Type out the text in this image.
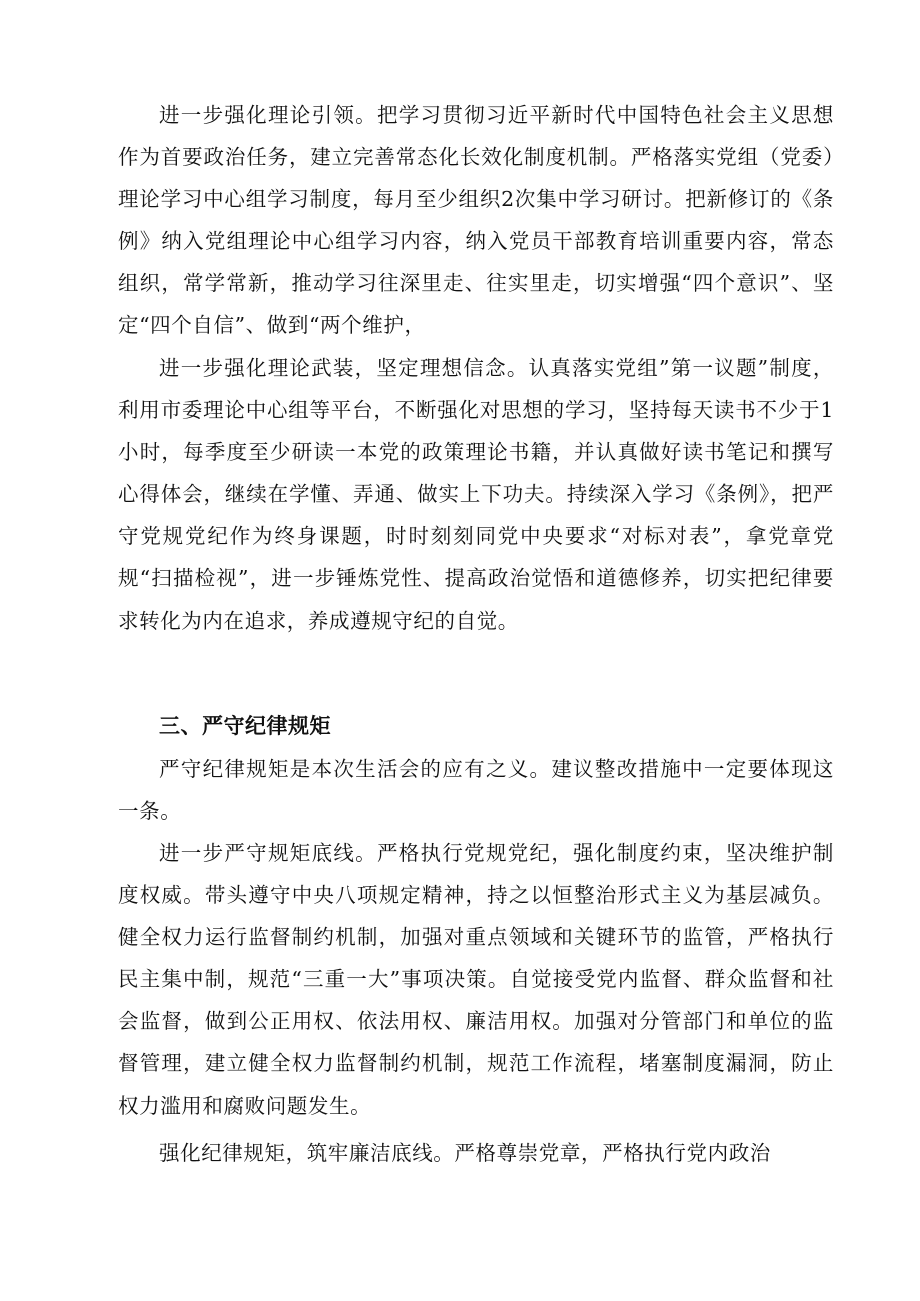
进一步强化理论引领。把学习贯彻习近平新时代中国特色社会主义思想作为首要政治任务，建立完善常态化长效化制度机制。严格落实党组（党委）理论学习中心组学习制度，每月至少组织2次集中学习研讨。把新修订的《条例》纳入党组理论中心组学习内容，纳入党员干部教育培训重要内容，常态组织，常学常新，推动学习往深里走、往实里走，切实增强“四个意识”、坚定“四个自信”、做到“两个维护，

进一步强化理论武装，坚定理想信念。认真落实党组”第一议题”制度，利用市委理论中心组等平台，不断强化对思想的学习，坚持每天读书不少于1小时，每季度至少研读一本党的政策理论书籍，并认真做好读书笔记和撰写心得体会，继续在学懂、弄通、做实上下功夫。持续深入学习《条例》，把严守党规党纪作为终身课题，时时刻刻同党中央要求“对标对表”，拿党章党规“扫描检视”，进一步锤炼党性、提高政治觉悟和道德修养，切实把纪律要求转化为内在追求，养成遵规守纪的自觉。

三、严守纪律规矩

严守纪律规矩是本次生活会的应有之义。建议整改措施中一定要体现这一条。

进一步严守规矩底线。严格执行党规党纪，强化制度约束，坚决维护制度权威。带头遵守中央八项规定精神，持之以恒整治形式主义为基层减负。健全权力运行监督制约机制，加强对重点领域和关键环节的监管，严格执行民主集中制，规范“三重一大”事项决策。自觉接受党内监督、群众监督和社会监督，做到公正用权、依法用权、廉洁用权。加强对分管部门和单位的监督管理，建立健全权力监督制约机制，规范工作流程，堵塞制度漏洞，防止权力滥用和腐败问题发生。

强化纪律规矩，筑牢廉洁底线。严格尊崇党章，严格执行党内政治
